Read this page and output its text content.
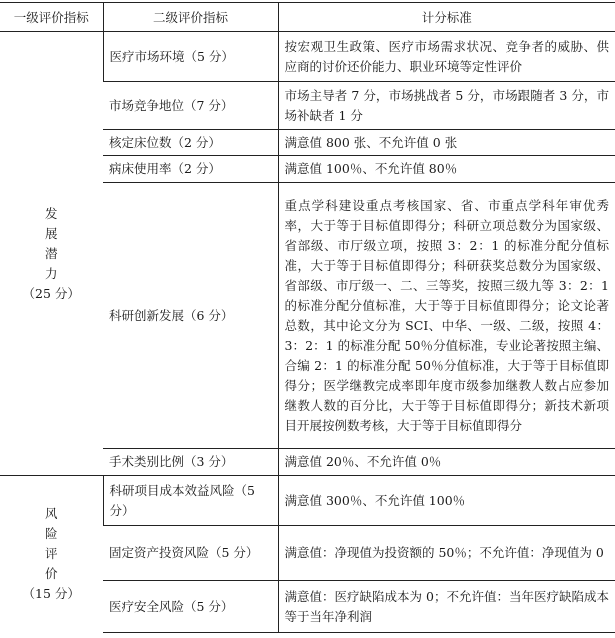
一级评价指标	二级评价指标	计分标准

发
展
潜
力
（25 分）	医疗市场环境（5 分）	按宏观卫生政策、医疗市场需求状况、竞争者的威胁、供应商的讨价还价能力、职业环境等定性评价
	市场竞争地位（7 分）	市场主导者 7 分，市场挑战者 5 分，市场跟随者 3 分，市场补缺者 1 分
	核定床位数（2 分）	满意值 800 张、不允许值 0 张
	病床使用率（2 分）	满意值 100％、不允许值 80％
	科研创新发展（6 分）	重点学科建设重点考核国家、省、市重点学科年审优秀率，大于等于目标值即得分；科研立项总数分为国家级、省部级、市厅级立项，按照 3：2：1 的标准分配分值标准，大于等于目标值即得分；科研获奖总数分为国家级、省部级、市厅级一、二、三等奖，按照三级九等 3：2：1 的标准分配分值标准，大于等于目标值即得分；论文论著总数，其中论文分为 SCI、中华、一级、二级，按照 4：3：2：1 的标准分配 50％分值标准，专业论著按照主编、合编 2：1 的标准分配 50％分值标准，大于等于目标值即得分；医学继教完成率即年度市级参加继教人数占应参加继教人数的百分比，大于等于目标值即得分；新技术新项目开展按例数考核，大于等于目标值即得分
	手术类别比例（3 分）	满意值 20％、不允许值 0％

风
险
评
价
（15 分）	科研项目成本效益风险（5 分）	满意值 300％、不允许值 100％
	固定资产投资风险（5 分）	满意值：净现值为投资额的 50％；不允许值：净现值为 0
	医疗安全风险（5 分）	满意值：医疗缺陷成本为 0；不允许值：当年医疗缺陷成本等于当年净利润
